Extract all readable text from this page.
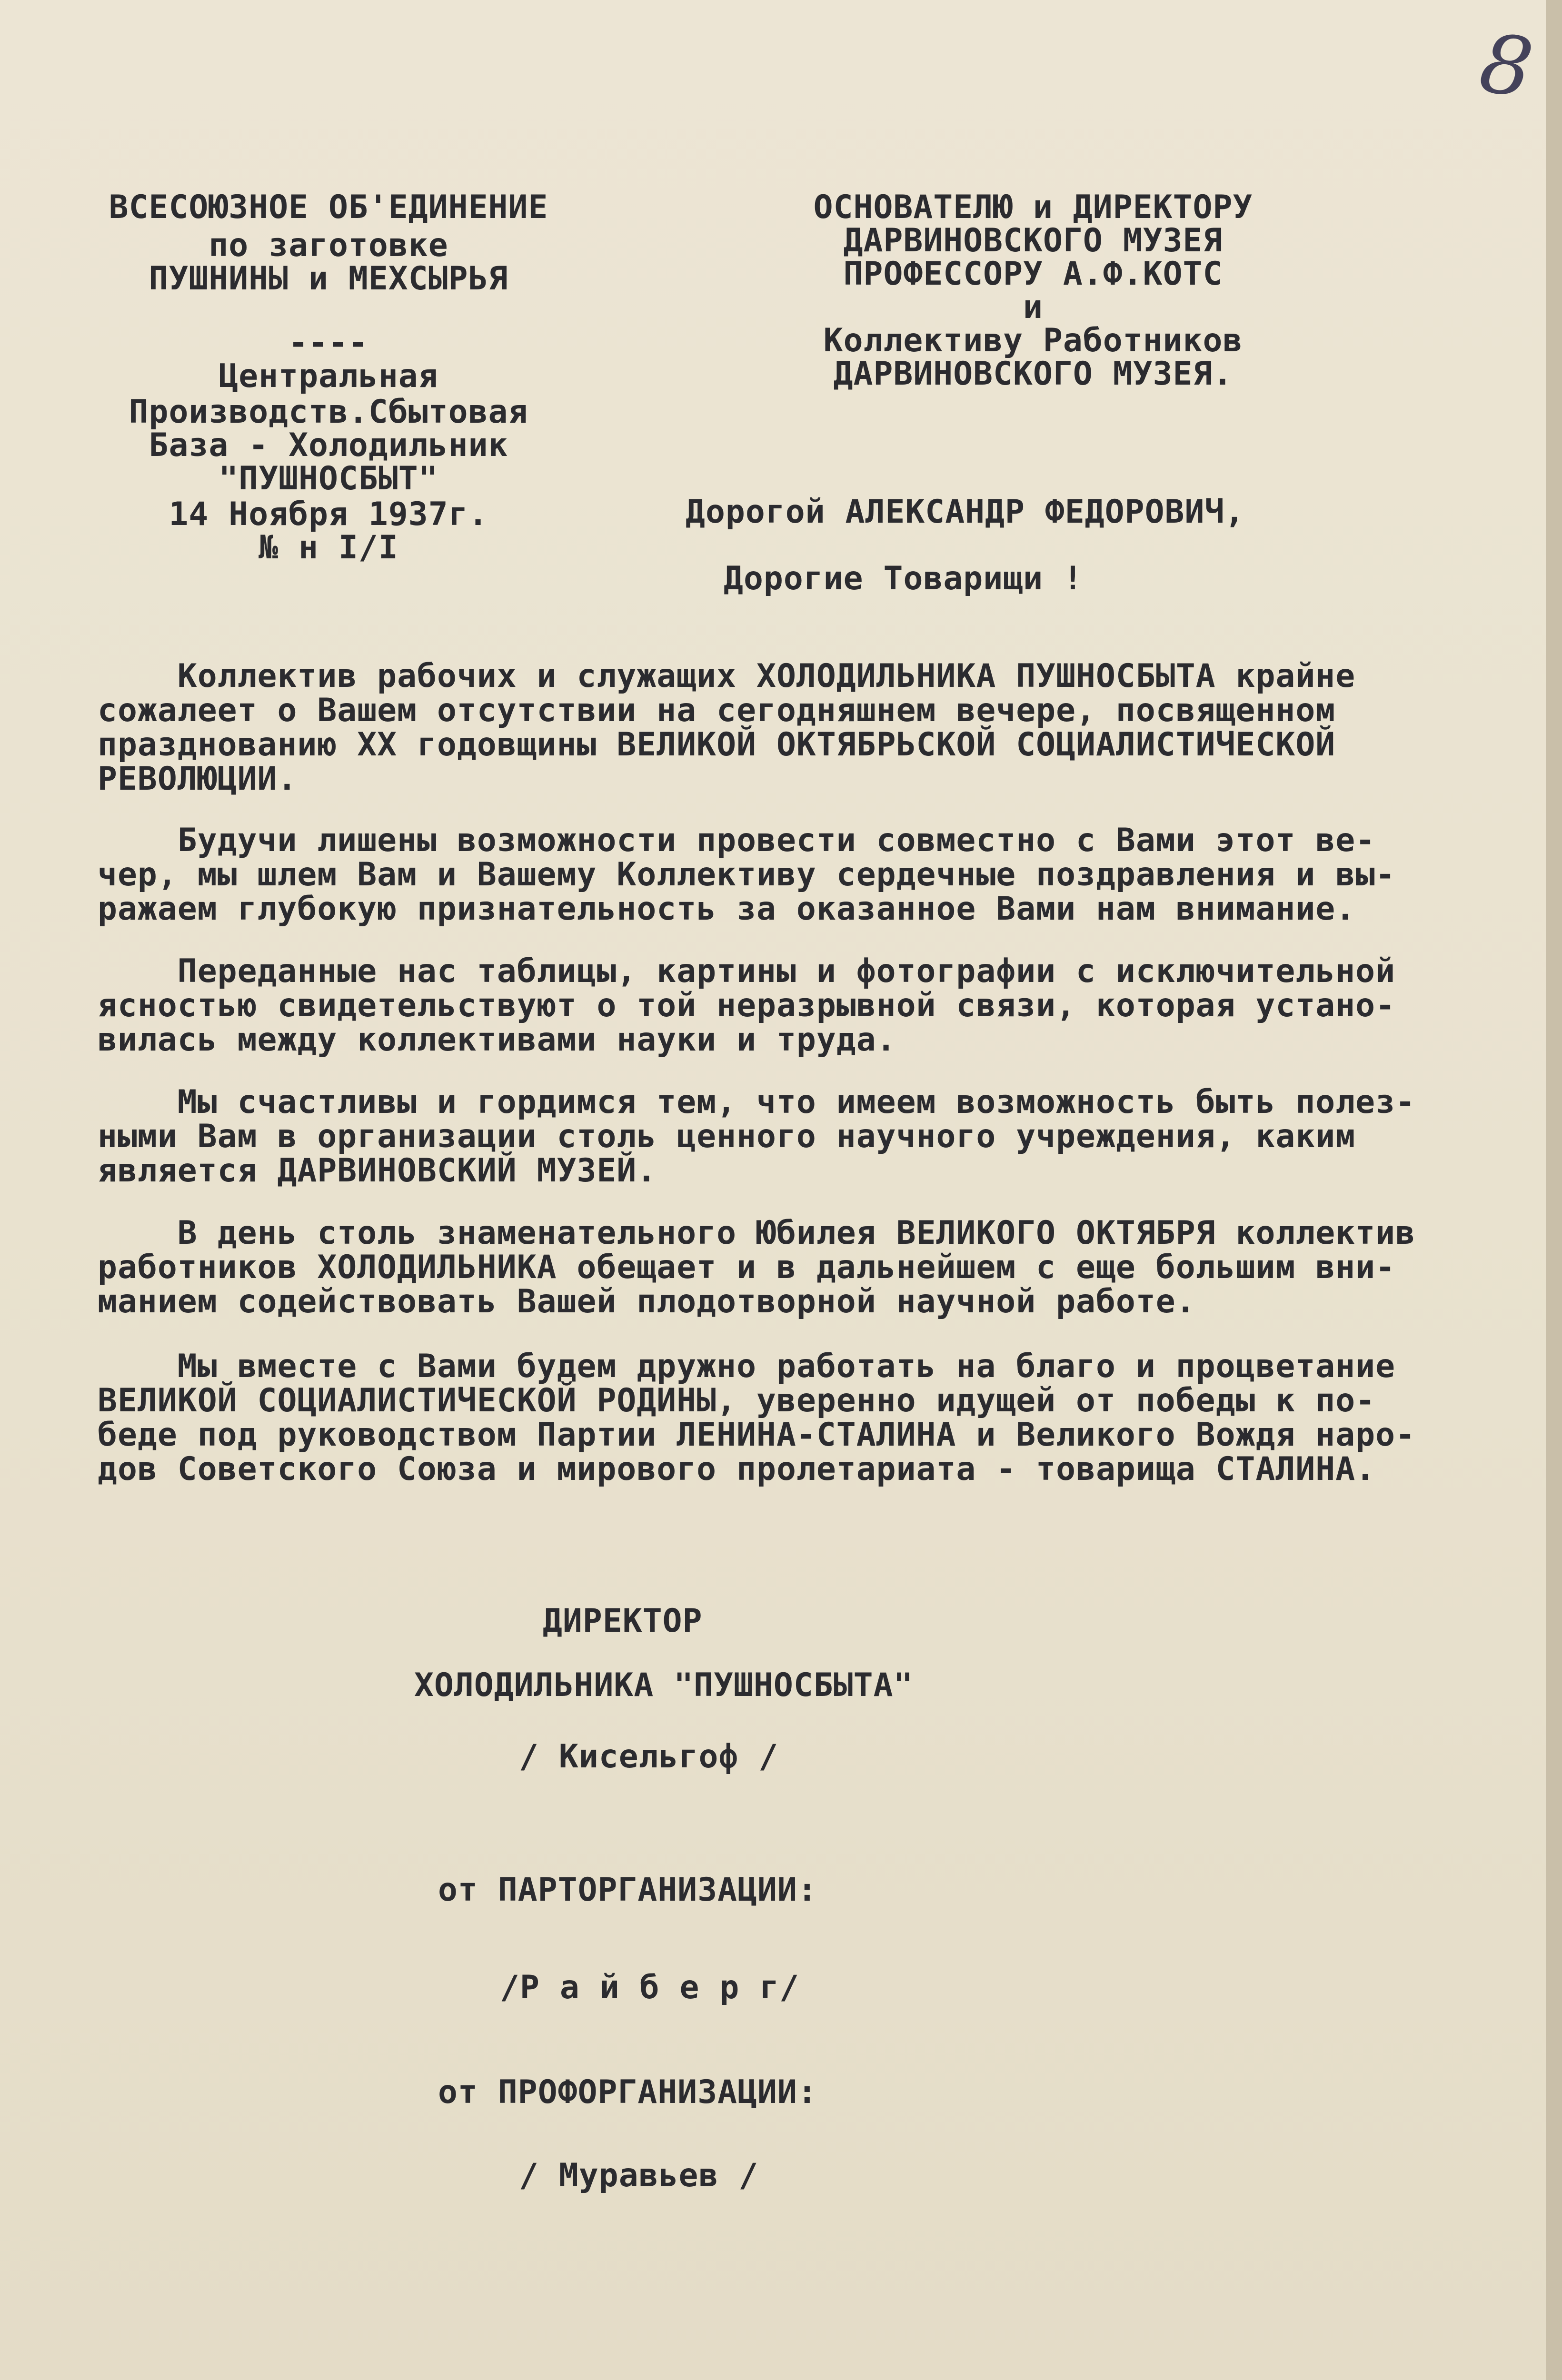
8

ВСЕСОЮЗНОЕ ОБ'ЕДИНЕНИЕ

по заготовке

ПУШНИНЫ и МЕХСЫРЬЯ

----

Центральная

Производств.Сбытовая

База - Холодильник

"ПУШНОСБЫТ"

14 Ноября 1937г.

№ н I/I

ОСНОВАТЕЛЮ и ДИРЕКТОРУ

ДАРВИНОВСКОГО МУЗЕЯ

ПРОФЕССОРУ А.Ф.КОТС

и

Коллективу Работников

ДАРВИНОВСКОГО МУЗЕЯ.

Дорогой АЛЕКСАНДР ФЕДОРОВИЧ,

Дорогие Товарищи !

Коллектив рабочих и служащих ХОЛОДИЛЬНИКА ПУШНОСБЫТА крайне
сожалеет о Вашем отсутствии на сегодняшнем вечере, посвященном
празднованию XX годовщины ВЕЛИКОЙ ОКТЯБРЬСКОЙ СОЦИАЛИСТИЧЕСКОЙ
РЕВОЛЮЦИИ.
Будучи лишены возможности провести совместно с Вами этот ве-
чер, мы шлем Вам и Вашему Коллективу сердечные поздравления и вы-
ражаем глубокую признательность за оказанное Вами нам внимание.
Переданные нас таблицы, картины и фотографии с исключительной
ясностью свидетельствуют о той неразрывной связи, которая устано-
вилась между коллективами науки и труда.
Мы счастливы и гордимся тем, что имеем возможность быть полез-
ными Вам в организации столь ценного научного учреждения, каким
является ДАРВИНОВСКИЙ МУЗЕЙ.
В день столь знаменательного Юбилея ВЕЛИКОГО ОКТЯБРЯ коллектив
работников ХОЛОДИЛЬНИКА обещает и в дальнейшем с еще большим вни-
манием содействовать Вашей плодотворной научной работе.
Мы вместе с Вами будем дружно работать на благо и процветание
ВЕЛИКОЙ СОЦИАЛИСТИЧЕСКОЙ РОДИНЫ, уверенно идущей от победы к по-
беде под руководством Партии ЛЕНИНА-СТАЛИНА и Великого Вождя наро-
дов Советского Союза и мирового пролетариата - товарища СТАЛИНА.

ДИРЕКТОР

ХОЛОДИЛЬНИКА "ПУШНОСБЫТА"

/ Кисельгоф /

от ПАРТОРГАНИЗАЦИИ:

/Р а й б е р г/

от ПРОФОРГАНИЗАЦИИ:

/ Муравьев /
